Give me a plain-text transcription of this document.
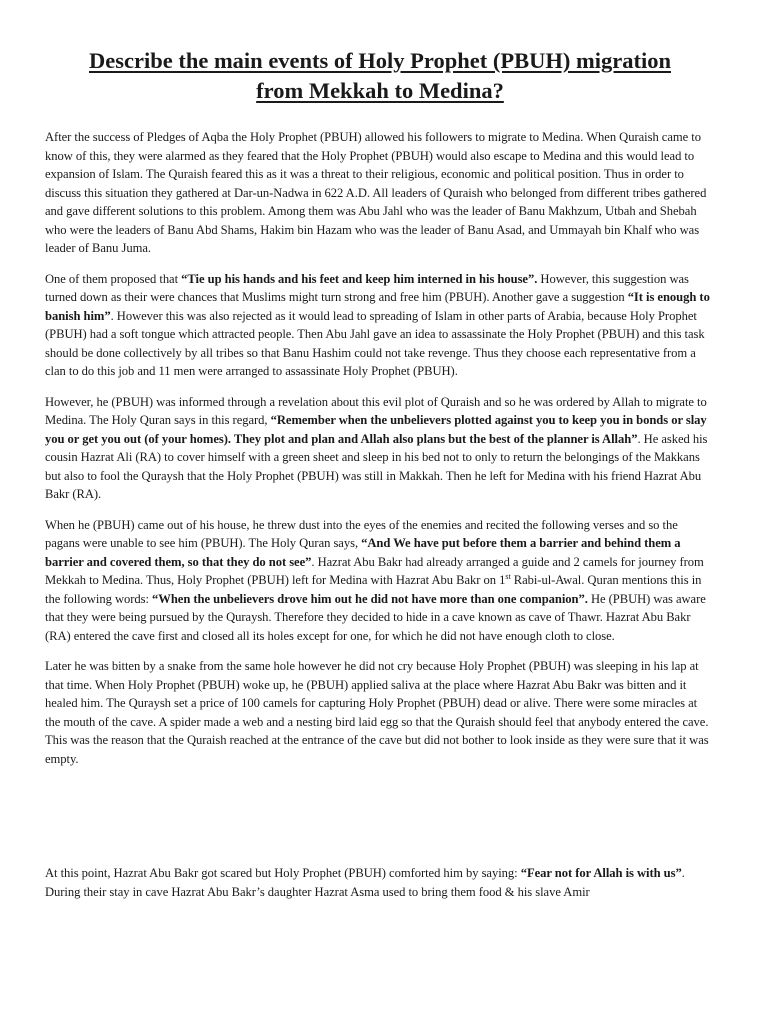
Describe the main events of Holy Prophet (PBUH) migration
from Mekkah to Medina?

After the success of Pledges of Aqba the Holy Prophet (PBUH) allowed his followers to migrate to Medina. When Quraish came to know of this, they were alarmed as they feared that the Holy Prophet (PBUH) would also escape to Medina and this would lead to expansion of Islam. The Quraish feared this as it was a threat to their religious, economic and political position. Thus in order to discuss this situation they gathered at Dar-un-Nadwa in 622 A.D. All leaders of Quraish who belonged from different tribes gathered and gave different solutions to this problem. Among them was Abu Jahl who was the leader of Banu Makhzum, Utbah and Shebah who were the leaders of Banu Abd Shams, Hakim bin Hazam who was the leader of Banu Asad, and Ummayah bin Khalf who was leader of Banu Juma.

One of them proposed that “Tie up his hands and his feet and keep him interned in his house”. However, this suggestion was turned down as their were chances that Muslims might turn strong and free him (PBUH). Another gave a suggestion “It is enough to banish him”. However this was also rejected as it would lead to spreading of Islam in other parts of Arabia, because Holy Prophet (PBUH) had a soft tongue which attracted people. Then Abu Jahl gave an idea to assassinate the Holy Prophet (PBUH) and this task should be done collectively by all tribes so that Banu Hashim could not take revenge. Thus they choose each representative from a clan to do this job and 11 men were arranged to assassinate Holy Prophet (PBUH).

However, he (PBUH) was informed through a revelation about this evil plot of Quraish and so he was ordered by Allah to migrate to Medina. The Holy Quran says in this regard, “Remember when the unbelievers plotted against you to keep you in bonds or slay you or get you out (of your homes). They plot and plan and Allah also plans but the best of the planner is Allah”. He asked his cousin Hazrat Ali (RA) to cover himself with a green sheet and sleep in his bed not to only to return the belongings of the Makkans but also to fool the Quraysh that the Holy Prophet (PBUH) was still in Makkah. Then he left for Medina with his friend Hazrat Abu Bakr (RA).

When he (PBUH) came out of his house, he threw dust into the eyes of the enemies and recited the following verses and so the pagans were unable to see him (PBUH). The Holy Quran says, “And We have put before them a barrier and behind them a barrier and covered them, so that they do not see”. Hazrat Abu Bakr had already arranged a guide and 2 camels for journey from Mekkah to Medina. Thus, Holy Prophet (PBUH) left for Medina with Hazrat Abu Bakr on 1st Rabi-ul-Awal. Quran mentions this in the following words: “When the unbelievers drove him out he did not have more than one companion”. He (PBUH) was aware that they were being pursued by the Quraysh. Therefore they decided to hide in a cave known as cave of Thawr. Hazrat Abu Bakr (RA) entered the cave first and closed all its holes except for one, for which he did not have enough cloth to close.

Later he was bitten by a snake from the same hole however he did not cry because Holy Prophet (PBUH) was sleeping in his lap at that time. When Holy Prophet (PBUH) woke up, he (PBUH) applied saliva at the place where Hazrat Abu Bakr was bitten and it healed him. The Quraysh set a price of 100 camels for capturing Holy Prophet (PBUH) dead or alive. There were some miracles at the mouth of the cave. A spider made a web and a nesting bird laid egg so that the Quraish should feel that anybody entered the cave. This was the reason that the Quraish reached at the entrance of the cave but did not bother to look inside as they were sure that it was empty.

At this point, Hazrat Abu Bakr got scared but Holy Prophet (PBUH) comforted him by saying: “Fear not for Allah is with us”. During their stay in cave Hazrat Abu Bakr’s daughter Hazrat Asma used to bring them food & his slave Amir
